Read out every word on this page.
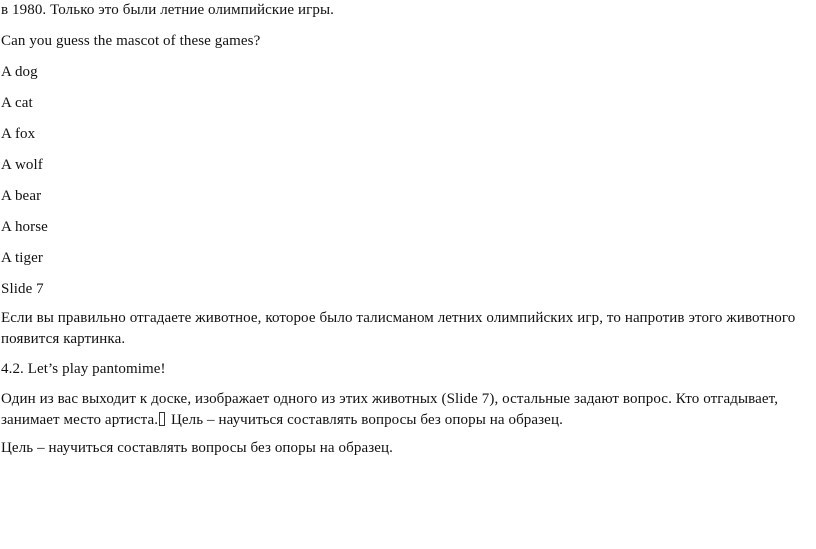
в 1980. Только это были летние олимпийские игры.
Can you guess the mascot of these games?
A dog
A cat
A fox
A wolf
A bear
A horse
A tiger
Slide 7
Если вы правильно отгадаете животное, которое было талисманом летних олимпийских игр, то напротив этого животного появится картинка.
4.2. Let’s play pantomime!
Один из вас выходит к доске, изображает одного из этих животных (Slide 7), остальные задают вопрос. Кто отгадывает, занимает место артиста. Цель – научиться составлять вопросы без опоры на образец.
Цель – научиться составлять вопросы без опоры на образец.
